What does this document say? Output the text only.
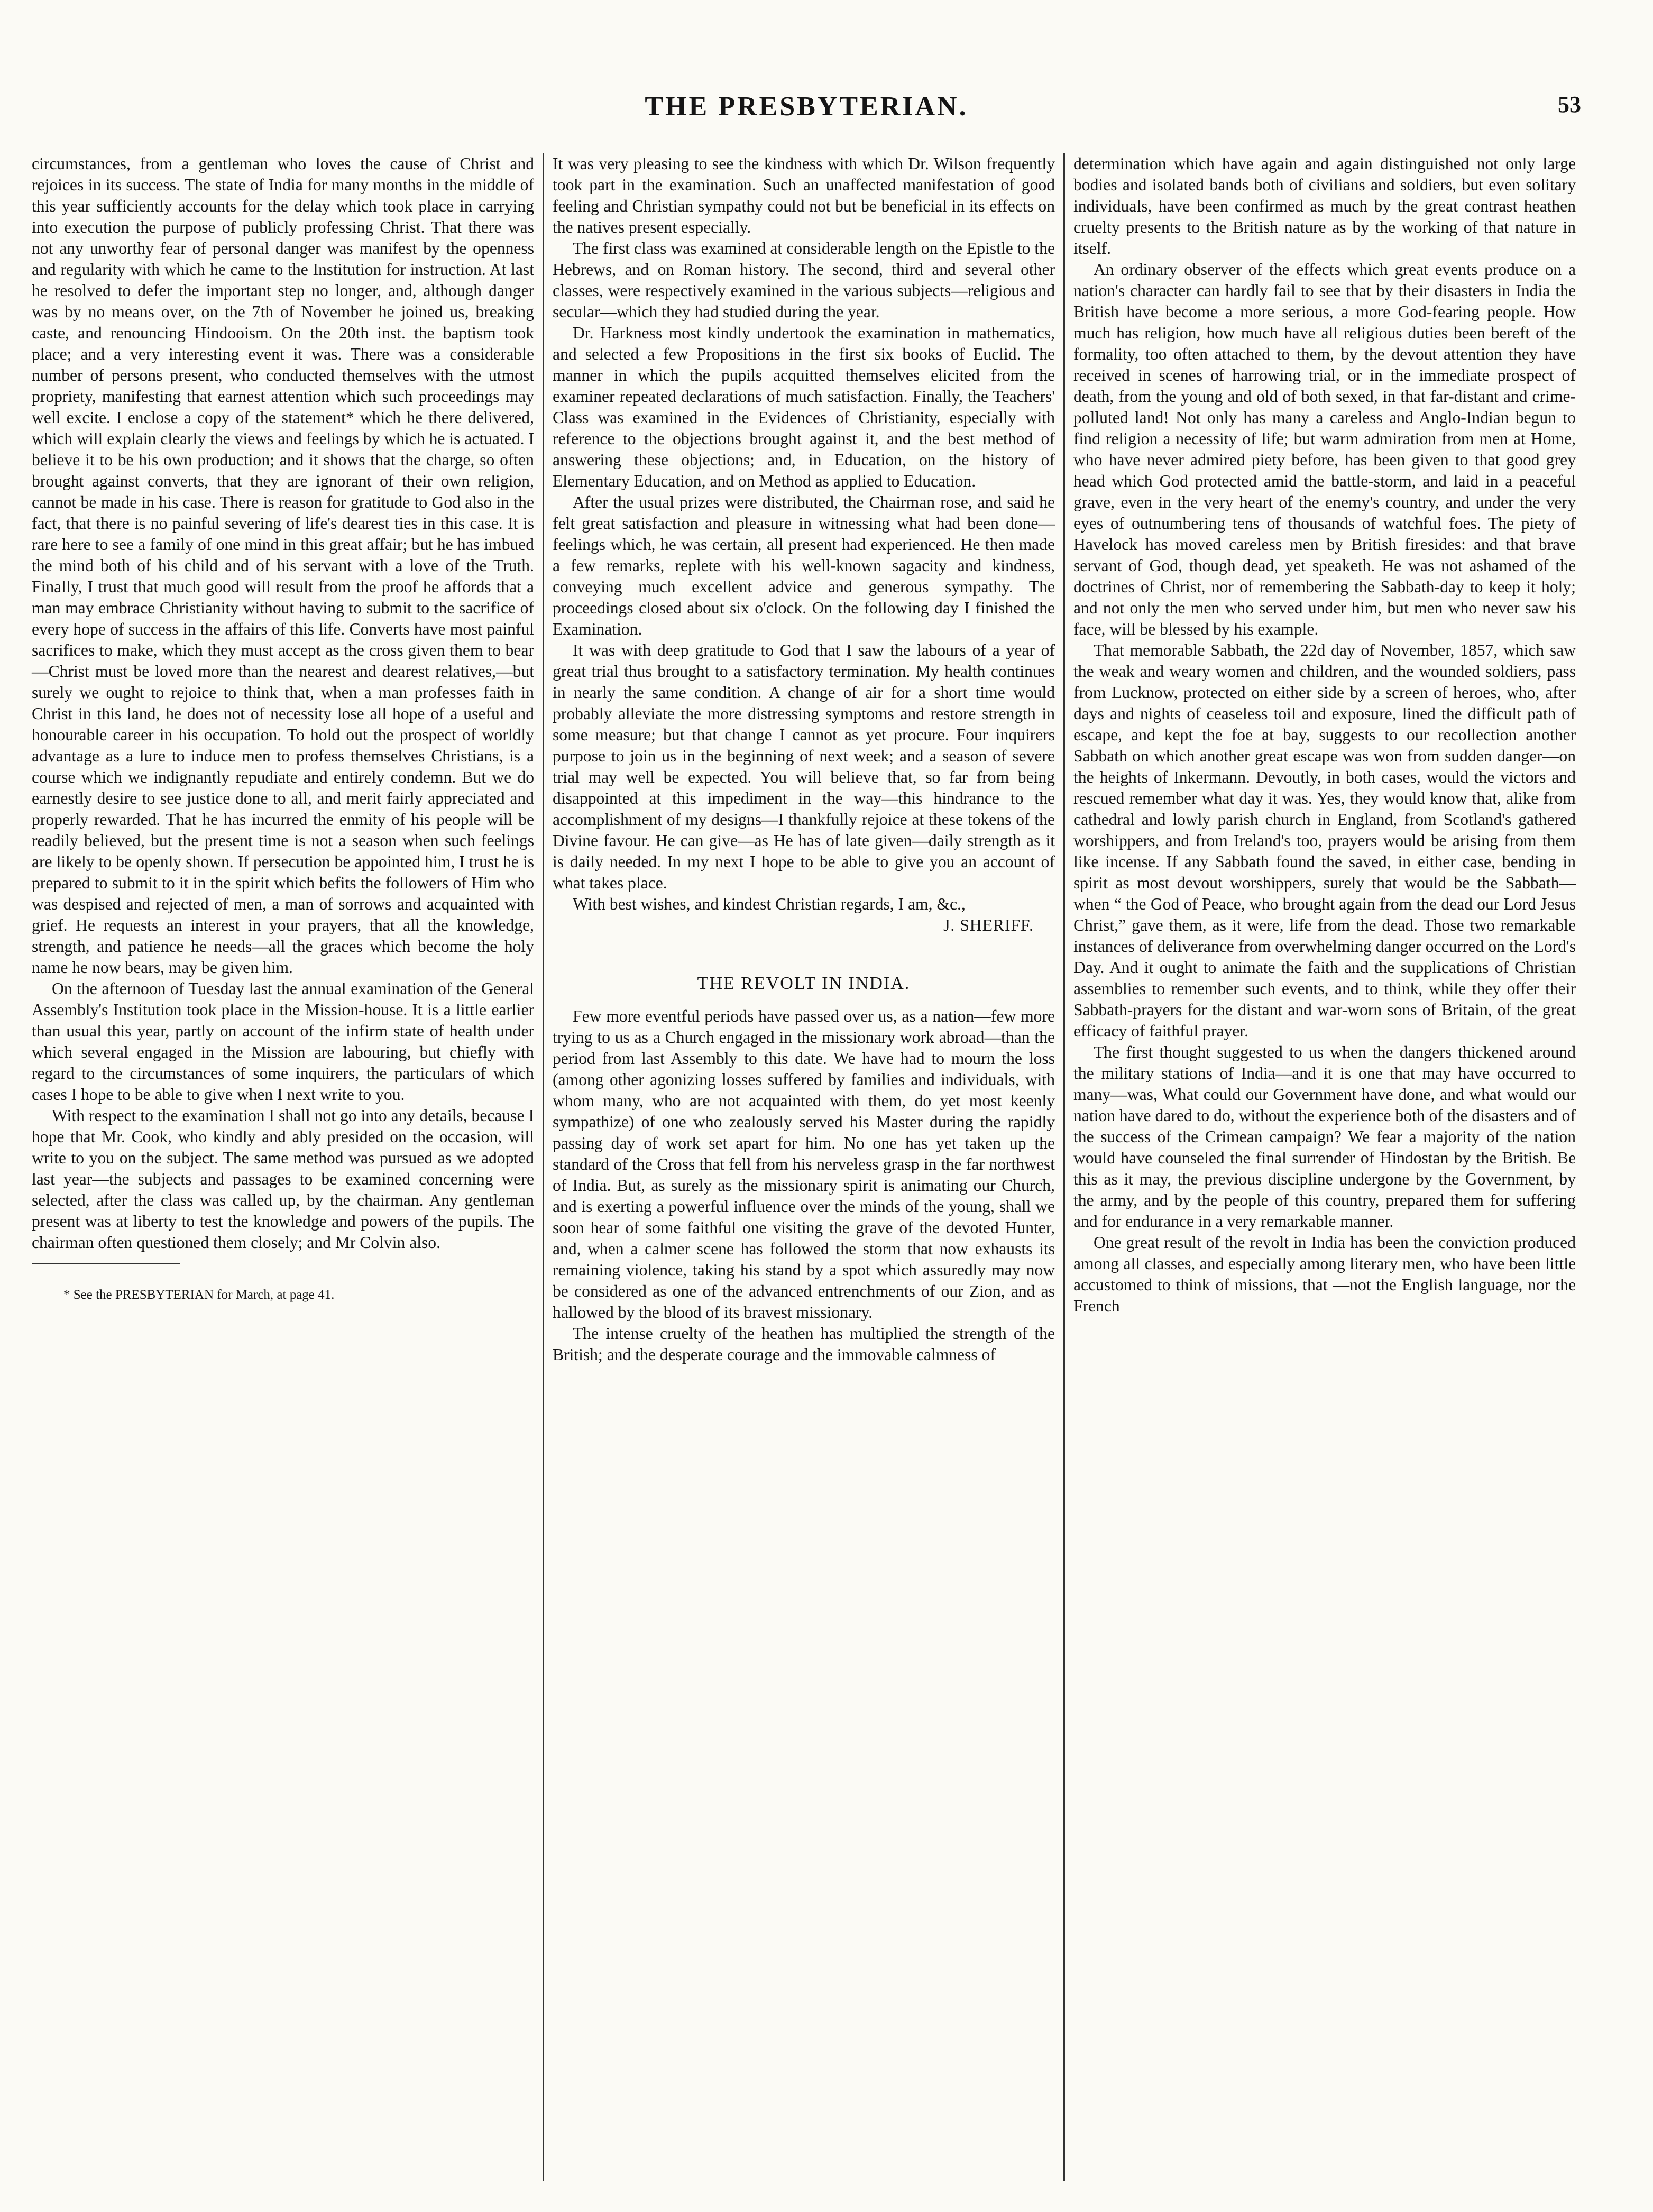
THE PRESBYTERIAN.	53

circumstances, from a gentleman who loves the cause of Christ and rejoices in its success. The state of India for many months in the middle of this year sufficiently accounts for the delay which took place in carrying into execution the purpose of publicly professing Christ. That there was not any unworthy fear of personal danger was manifest by the openness and regularity with which he came to the Institution for instruction. At last he resolved to defer the important step no longer, and, although danger was by no means over, on the 7th of November he joined us, breaking caste, and renouncing Hindooism. On the 20th inst. the baptism took place; and a very interesting event it was. There was a considerable number of persons present, who conducted themselves with the utmost propriety, manifesting that earnest attention which such proceedings may well excite. I enclose a copy of the statement* which he there delivered, which will explain clearly the views and feelings by which he is actuated. I believe it to be his own production; and it shows that the charge, so often brought against converts, that they are ignorant of their own religion, cannot be made in his case. There is reason for gratitude to God also in the fact, that there is no painful severing of life's dearest ties in this case. It is rare here to see a family of one mind in this great affair; but he has imbued the mind both of his child and of his servant with a love of the Truth. Finally, I trust that much good will result from the proof he affords that a man may embrace Christianity without having to submit to the sacrifice of every hope of success in the affairs of this life. Converts have most painful sacrifices to make, which they must accept as the cross given them to bear—Christ must be loved more than the nearest and dearest relatives,—but surely we ought to rejoice to think that, when a man professes faith in Christ in this land, he does not of necessity lose all hope of a useful and honourable career in his occupation. To hold out the prospect of worldly advantage as a lure to induce men to profess themselves Christians, is a course which we indignantly repudiate and entirely condemn. But we do earnestly desire to see justice done to all, and merit fairly appreciated and properly rewarded. That he has incurred the enmity of his people will be readily believed, but the present time is not a season when such feelings are likely to be openly shown. If persecution be appointed him, I trust he is prepared to submit to it in the spirit which befits the followers of Him who was despised and rejected of men, a man of sorrows and acquainted with grief. He requests an interest in your prayers, that all the knowledge, strength, and patience he needs—all the graces which become the holy name he now bears, may be given him.

On the afternoon of Tuesday last the annual examination of the General Assembly's Institution took place in the Mission-house. It is a little earlier than usual this year, partly on account of the infirm state of health under which several engaged in the Mission are labouring, but chiefly with regard to the circumstances of some inquirers, the particulars of which cases I hope to be able to give when I next write to you.

With respect to the examination I shall not go into any details, because I hope that Mr. Cook, who kindly and ably presided on the occasion, will write to you on the subject. The same method was pursued as we adopted last year—the subjects and passages to be examined concerning were selected, after the class was called up, by the chairman. Any gentleman present was at liberty to test the knowledge and powers of the pupils. The chairman often questioned them closely; and Mr Colvin also.

* See the PRESBYTERIAN for March, at page 41.

It was very pleasing to see the kindness with which Dr. Wilson frequently took part in the examination. Such an unaffected manifestation of good feeling and Christian sympathy could not but be beneficial in its effects on the natives present especially.

The first class was examined at considerable length on the Epistle to the Hebrews, and on Roman history. The second, third and several other classes, were respectively examined in the various subjects—religious and secular—which they had studied during the year.

Dr. Harkness most kindly undertook the examination in mathematics, and selected a few Propositions in the first six books of Euclid. The manner in which the pupils acquitted themselves elicited from the examiner repeated declarations of much satisfaction. Finally, the Teachers' Class was examined in the Evidences of Christianity, especially with reference to the objections brought against it, and the best method of answering these objections; and, in Education, on the history of Elementary Education, and on Method as applied to Education.

After the usual prizes were distributed, the Chairman rose, and said he felt great satisfaction and pleasure in witnessing what had been done—feelings which, he was certain, all present had experienced. He then made a few remarks, replete with his well-known sagacity and kindness, conveying much excellent advice and generous sympathy. The proceedings closed about six o'clock. On the following day I finished the Examination.

It was with deep gratitude to God that I saw the labours of a year of great trial thus brought to a satisfactory termination. My health continues in nearly the same condition. A change of air for a short time would probably alleviate the more distressing symptoms and restore strength in some measure; but that change I cannot as yet procure. Four inquirers purpose to join us in the beginning of next week; and a season of severe trial may well be expected. You will believe that, so far from being disappointed at this impediment in the way—this hindrance to the accomplishment of my designs—I thankfully rejoice at these tokens of the Divine favour. He can give—as He has of late given—daily strength as it is daily needed. In my next I hope to be able to give you an account of what takes place.

With best wishes, and kindest Christian regards, I am, &c.,
J. SHERIFF.
THE REVOLT IN INDIA.

Few more eventful periods have passed over us, as a nation—few more trying to us as a Church engaged in the missionary work abroad—than the period from last Assembly to this date. We have had to mourn the loss (among other agonizing losses suffered by families and individuals, with whom many, who are not acquainted with them, do yet most keenly sympathize) of one who zealously served his Master during the rapidly passing day of work set apart for him. No one has yet taken up the standard of the Cross that fell from his nerveless grasp in the far northwest of India. But, as surely as the missionary spirit is animating our Church, and is exerting a powerful influence over the minds of the young, shall we soon hear of some faithful one visiting the grave of the devoted Hunter, and, when a calmer scene has followed the storm that now exhausts its remaining violence, taking his stand by a spot which assuredly may now be considered as one of the advanced entrenchments of our Zion, and as hallowed by the blood of its bravest missionary.

The intense cruelty of the heathen has multiplied the strength of the British; and the desperate courage and the immovable calmness of

determination which have again and again distinguished not only large bodies and isolated bands both of civilians and soldiers, but even solitary individuals, have been confirmed as much by the great contrast heathen cruelty presents to the British nature as by the working of that nature in itself.

An ordinary observer of the effects which great events produce on a nation's character can hardly fail to see that by their disasters in India the British have become a more serious, a more God-fearing people. How much has religion, how much have all religious duties been bereft of the formality, too often attached to them, by the devout attention they have received in scenes of harrowing trial, or in the immediate prospect of death, from the young and old of both sexed, in that far-distant and crime-polluted land! Not only has many a careless and Anglo-Indian begun to find religion a necessity of life; but warm admiration from men at Home, who have never admired piety before, has been given to that good grey head which God protected amid the battle-storm, and laid in a peaceful grave, even in the very heart of the enemy's country, and under the very eyes of outnumbering tens of thousands of watchful foes. The piety of Havelock has moved careless men by British firesides: and that brave servant of God, though dead, yet speaketh. He was not ashamed of the doctrines of Christ, nor of remembering the Sabbath-day to keep it holy; and not only the men who served under him, but men who never saw his face, will be blessed by his example.

That memorable Sabbath, the 22d day of November, 1857, which saw the weak and weary women and children, and the wounded soldiers, pass from Lucknow, protected on either side by a screen of heroes, who, after days and nights of ceaseless toil and exposure, lined the difficult path of escape, and kept the foe at bay, suggests to our recollection another Sabbath on which another great escape was won from sudden danger—on the heights of Inkermann. Devoutly, in both cases, would the victors and rescued remember what day it was. Yes, they would know that, alike from cathedral and lowly parish church in England, from Scotland's gathered worshippers, and from Ireland's too, prayers would be arising from them like incense. If any Sabbath found the saved, in either case, bending in spirit as most devout worshippers, surely that would be the Sabbath—when “ the God of Peace, who brought again from the dead our Lord Jesus Christ,” gave them, as it were, life from the dead. Those two remarkable instances of deliverance from overwhelming danger occurred on the Lord's Day. And it ought to animate the faith and the supplications of Christian assemblies to remember such events, and to think, while they offer their Sabbath-prayers for the distant and war-worn sons of Britain, of the great efficacy of faithful prayer.

The first thought suggested to us when the dangers thickened around the military stations of India—and it is one that may have occurred to many—was, What could our Government have done, and what would our nation have dared to do, without the experience both of the disasters and of the success of the Crimean campaign? We fear a majority of the nation would have counseled the final surrender of Hindostan by the British. Be this as it may, the previous discipline undergone by the Government, by the army, and by the people of this country, prepared them for suffering and for endurance in a very remarkable manner.

One great result of the revolt in India has been the conviction produced among all classes, and especially among literary men, who have been little accustomed to think of missions, that —not the English language, nor the French
